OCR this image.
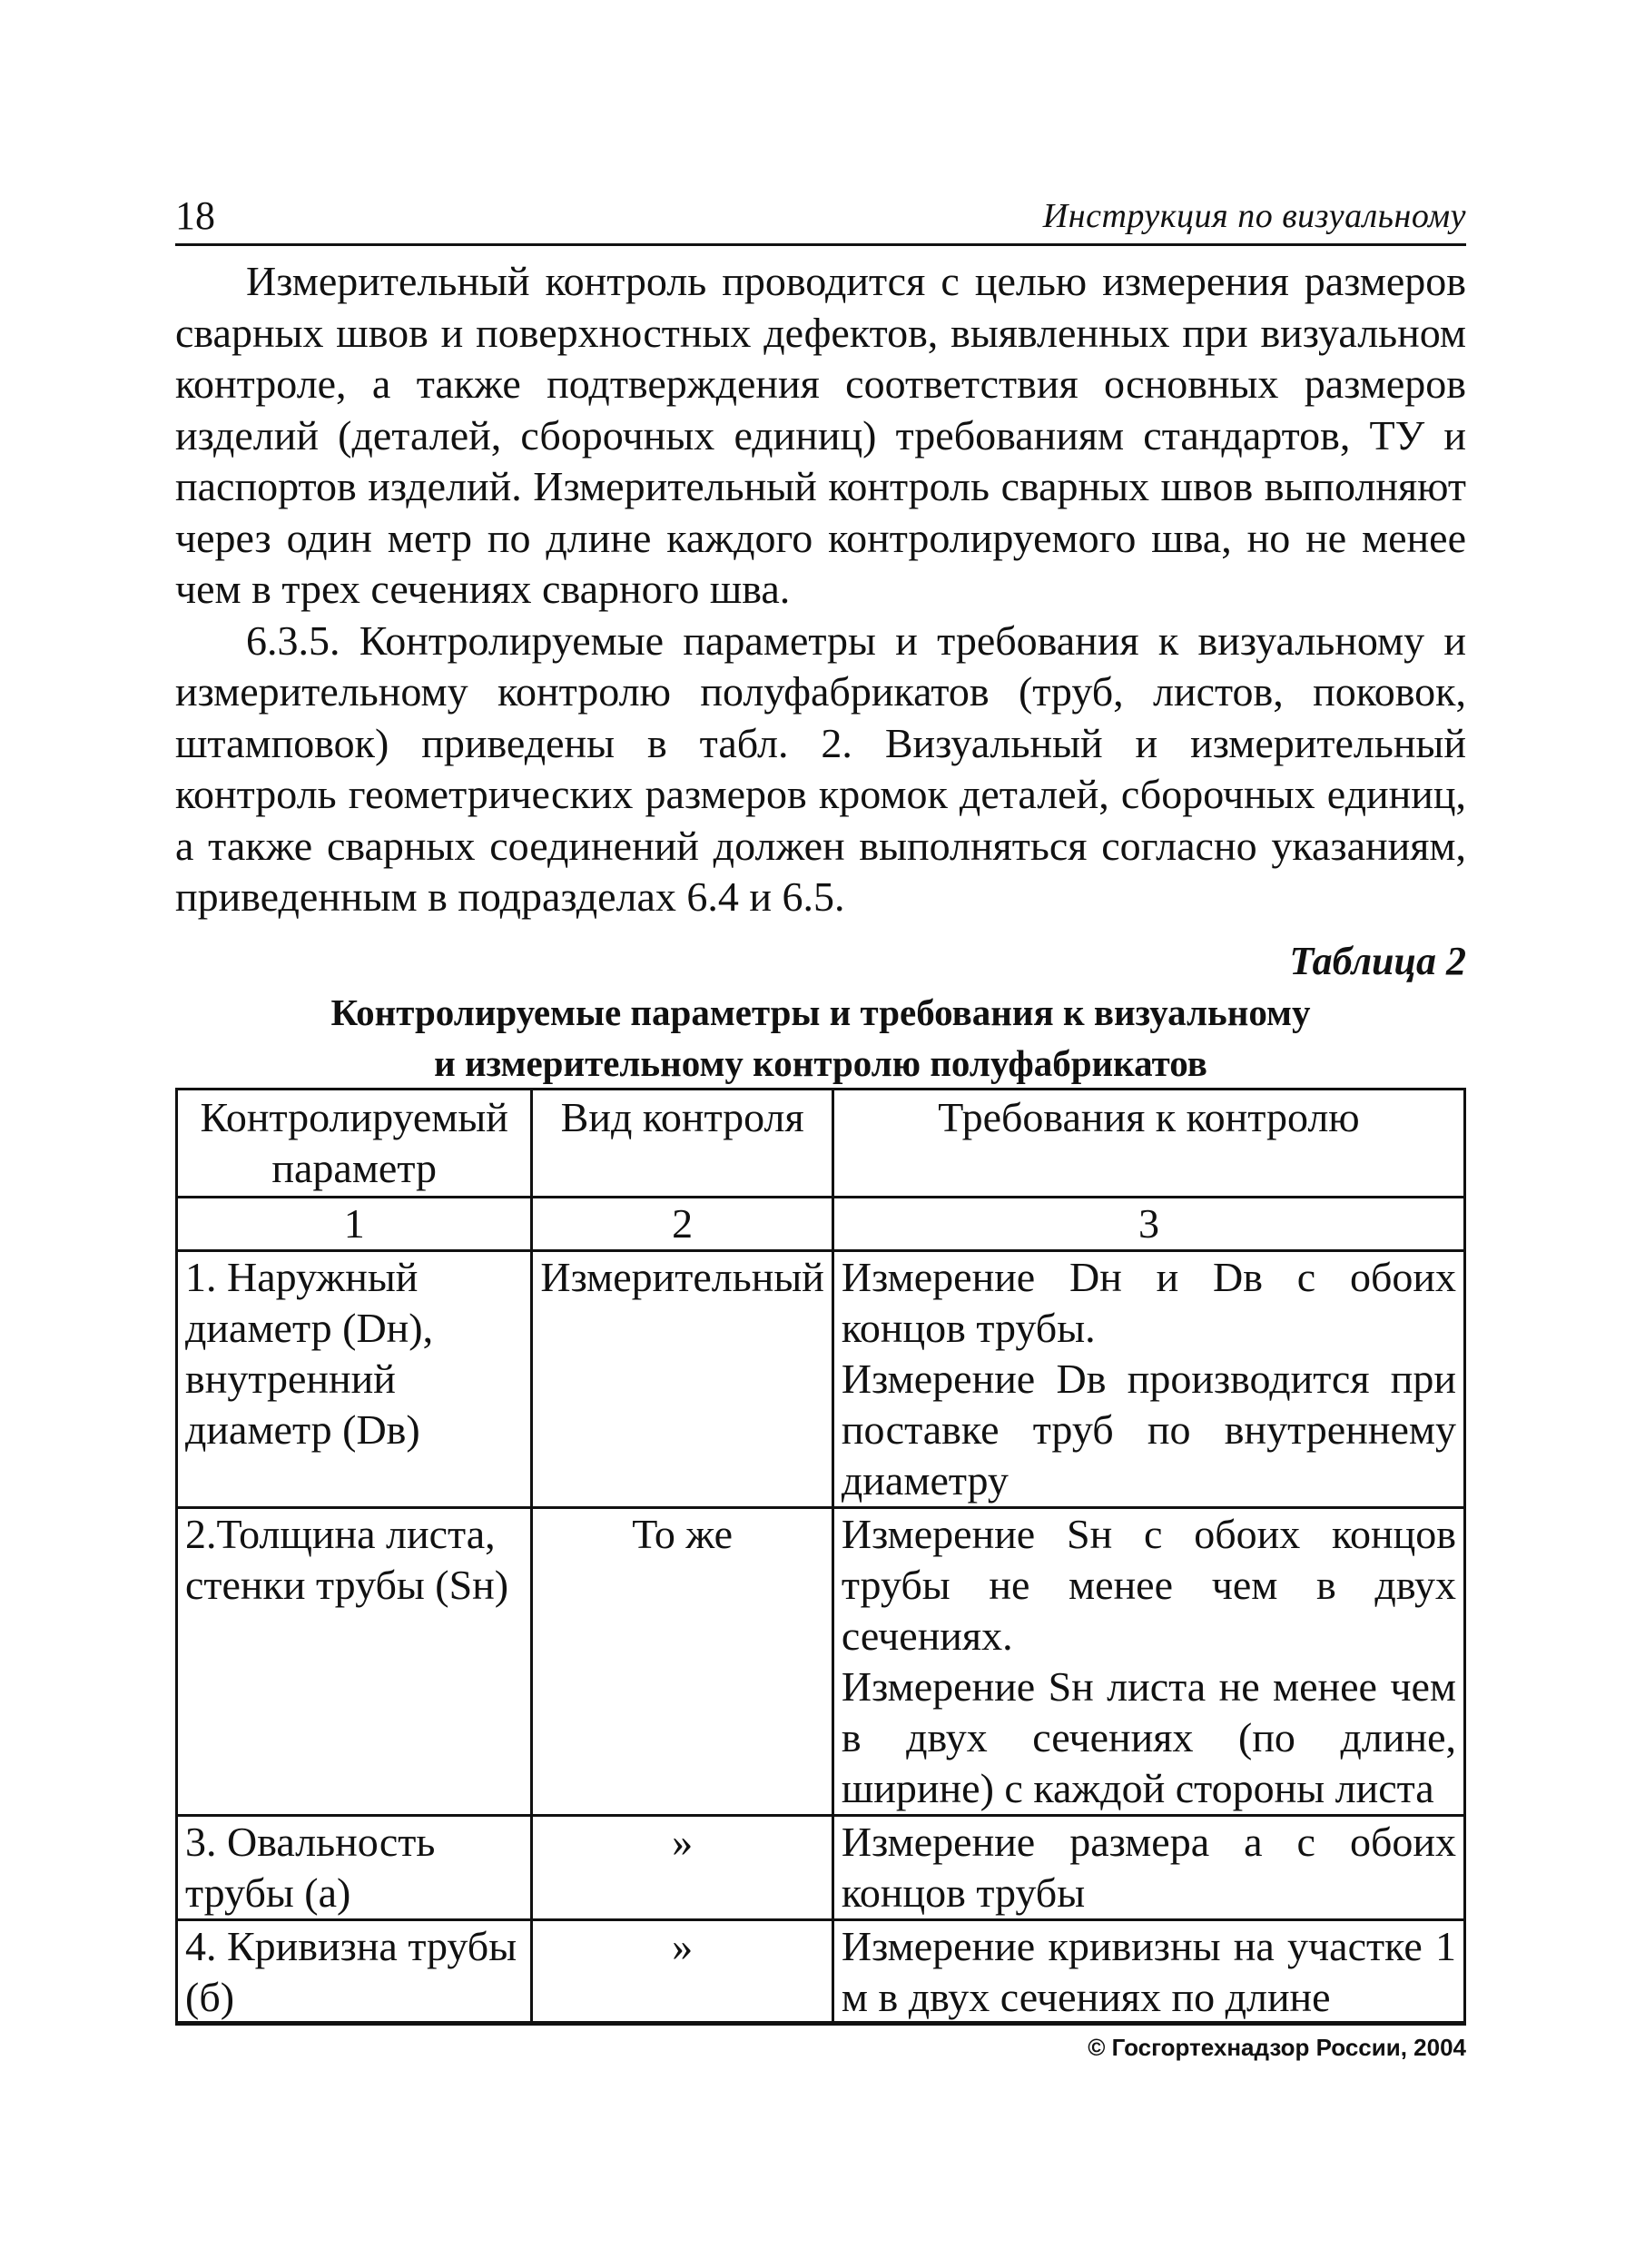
18	Инструкция по визуальному

Измерительный контроль проводится с целью измерения размеров сварных швов и поверхностных дефектов, выявленных при визуальном контроле, а также подтверждения соответствия основных размеров изделий (деталей, сборочных единиц) требованиям стандартов, ТУ и паспортов изделий. Измерительный контроль сварных швов выполняют через один метр по длине каждого контролируемого шва, но не менее чем в трех сечениях сварного шва.

6.3.5. Контролируемые параметры и требования к визуальному и измерительному контролю полуфабрикатов (труб, листов, поковок, штамповок) приведены в табл. 2. Визуальный и измерительный контроль геометрических размеров кромок деталей, сборочных единиц, а также сварных соединений должен выполняться согласно указаниям, приведенным в подразделах 6.4 и 6.5.

Таблица 2
Контролируемые параметры и требования к визуальному
и измерительному контролю полуфабрикатов
Контролируемый параметр	Вид контроля	Требования к контролю
1	2	3
1. Наружный диаметр (Dн), внутренний диаметр (Dв)	Измерительный	Измерение Dн и Dв с обоих концов трубы.
Измерение Dв производится при поставке труб по внутреннему диаметру

2.Толщина листа, стенки трубы (Sн)	То же	Измерение Sн с обоих концов трубы не менее чем в двух сечениях.
Измерение Sн листа не менее чем в двух сечениях (по длине, ширине) с каждой стороны листа

3. Овальность трубы (a)	»	Измерение размера a с обоих концов трубы

4. Кривизна трубы (б)	»	Измерение кривизны на участке 1 м в двух сечениях по длине
© Госгортехнадзор России, 2004
